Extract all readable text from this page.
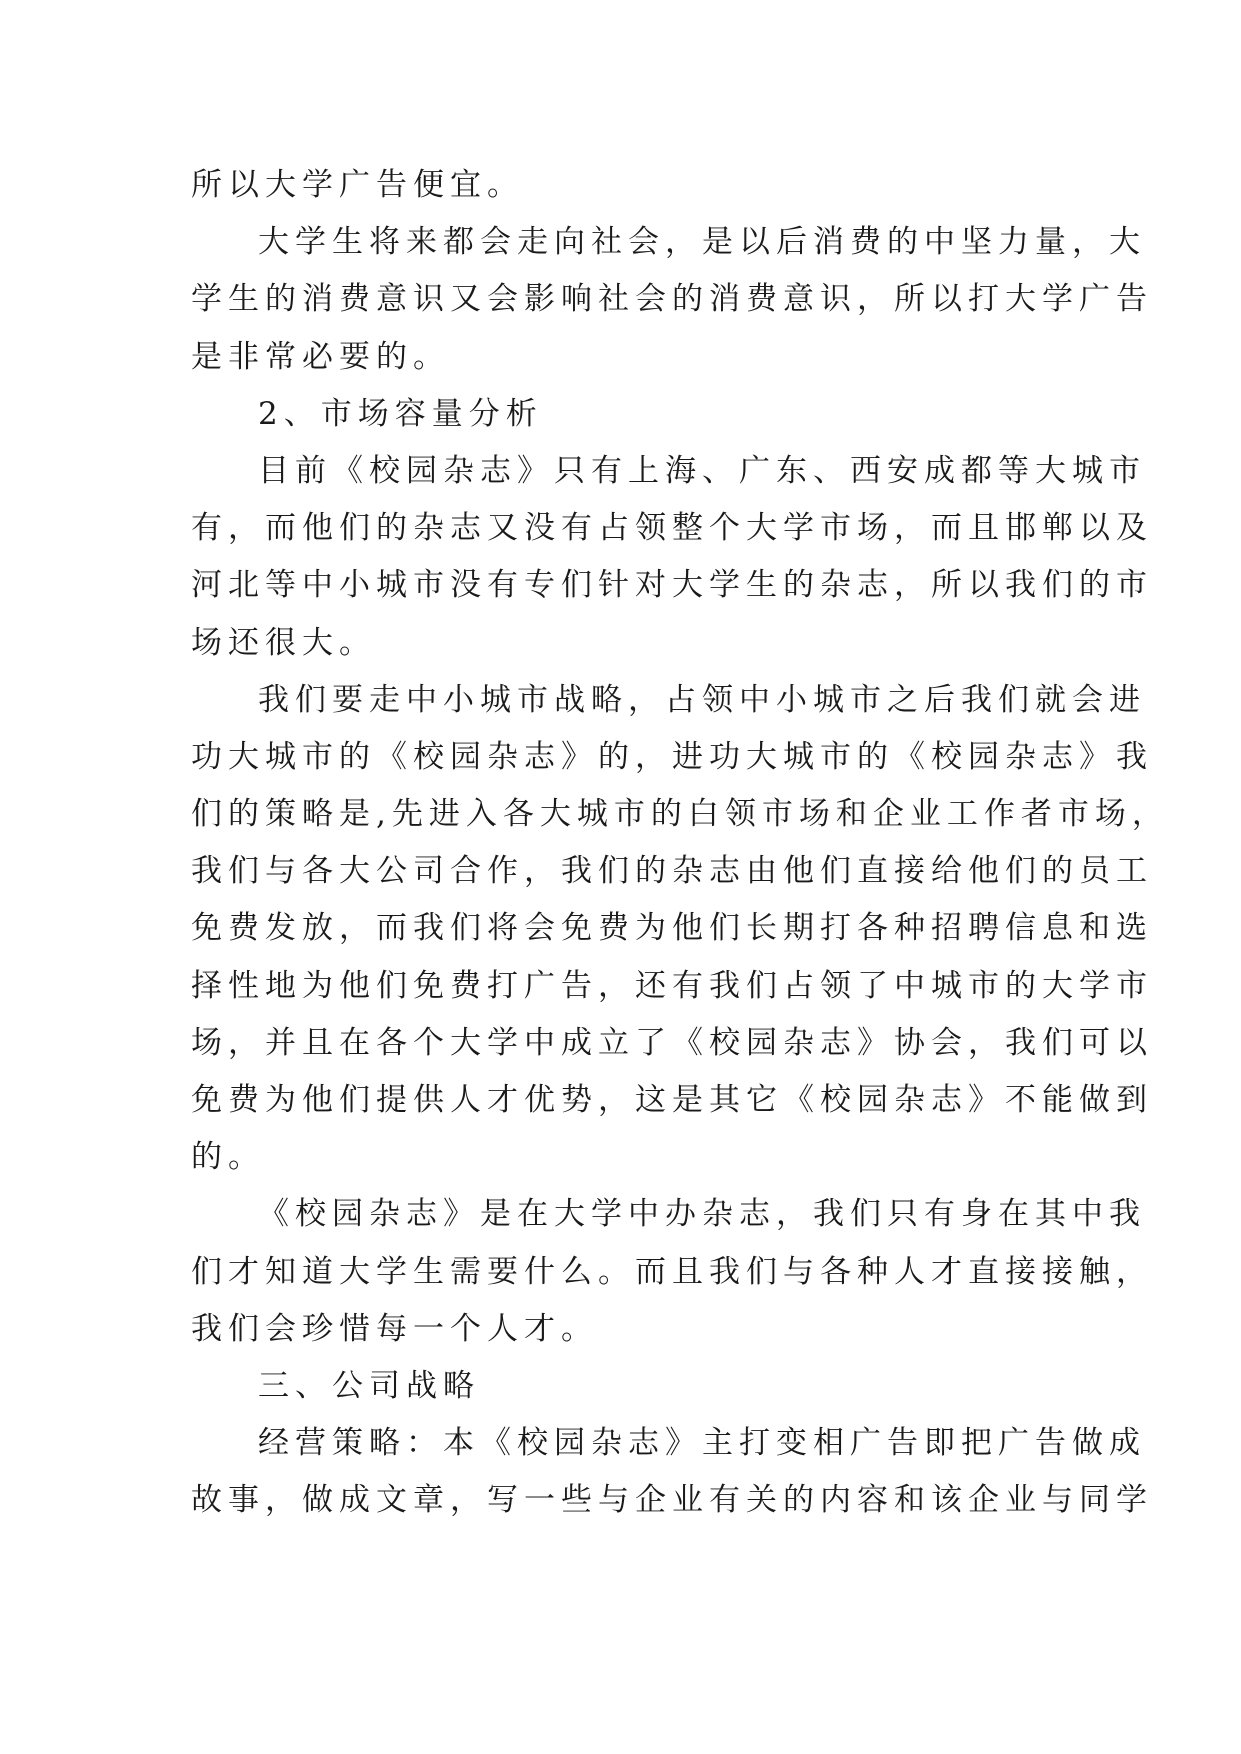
所以大学广告便宜。
大学生将来都会走向社会，是以后消费的中坚力量，大
学生的消费意识又会影响社会的消费意识，所以打大学广告
是非常必要的。
2、市场容量分析
目前《校园杂志》只有上海、广东、西安成都等大城市
有，而他们的杂志又没有占领整个大学市场，而且邯郸以及
河北等中小城市没有专们针对大学生的杂志，所以我们的市
场还很大。
我们要走中小城市战略，占领中小城市之后我们就会进
功大城市的《校园杂志》的，进功大城市的《校园杂志》我
们的策略是,先进入各大城市的白领市场和企业工作者市场，
我们与各大公司合作，我们的杂志由他们直接给他们的员工
免费发放，而我们将会免费为他们长期打各种招聘信息和选
择性地为他们免费打广告，还有我们占领了中城市的大学市
场，并且在各个大学中成立了《校园杂志》协会，我们可以
免费为他们提供人才优势，这是其它《校园杂志》不能做到
的。
《校园杂志》是在大学中办杂志，我们只有身在其中我
们才知道大学生需要什么。而且我们与各种人才直接接触，
我们会珍惜每一个人才。
三、公司战略
经营策略：本《校园杂志》主打变相广告即把广告做成
故事，做成文章，写一些与企业有关的内容和该企业与同学
